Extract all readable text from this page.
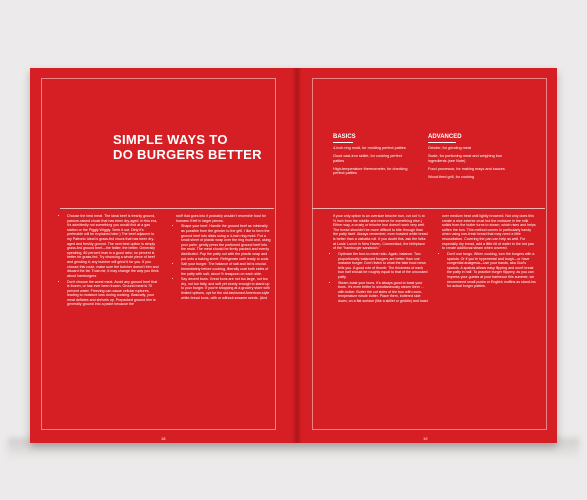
SIMPLE WAYS TO
DO BURGERS BETTER
BASICS
4-inch ring mold, for molding perfect patties
Good cast-iron skillet, for cooking perfect patties
High-temperature thermometer, for checking perfect patties
ADVANCED
Grinder, for grinding meat
Scale, for portioning meat and weighing bun ingredients (see Note)
Food processor, for making mayo and sauces
Wood-fired grill, for cooking
• Choose the best meat. The ideal beef is freshly ground, pasture-raised chuck that has been dry-aged. In this era, it's admittedly not something you would find at a gas station or the Piggly Wiggly. Seek it out. Dirty it's preferable will be explained later.) The beef adjacent to my Patronic ideal is grass-fed chuck that has been dry-aged and freshly ground. The next best option is simply grass-fed ground beef—the fattier, the better. Generally speaking, 80 percent lean is a good ratio; no percent is better for grass-fed. Try choosing a whole piece of beef and grinding it; any butcher will grind it for you. If you choose this route, make sure the butcher doesn't trim and discard the fat. Trust me, it may change the way you think about hamburgers.
• Don't choose the worst meat. Avoid any ground beef that is frozen, or has ever been frozen. Ground meat is 70 percent water. Freezing can cause cellular ruptures, leading to moisture loss during cooking. Basically, your meat deflates and shrivels up. Prepacked ground trim is generally ground into a paste because the

stuff that goes into it probably wouldn't resemble food for humans if left in larger pieces.

• Shape your beef. Handle the ground beef as minimally as possible from the grinder to the grill. I like to form the ground beef into disks using a 4-inch ring mold. Put a small sheet of plastic wrap over the ring mold and, using your palm, gently press the portioned ground beef into the mold. The meat should be firmly packed and evenly distributed. Pop the patty out with the plastic wrap and put onto a baking sheet. Refrigerate until ready to cook.
• Salt your burger. The balance of salt and fat is crucial. Immediately before cooking, liberally coat both sides of the patty with salt, about ½ teaspoon on each side.
• Say decent buns. Great buns are not too large, not too dry, not too fatty, and soft yet sturdy enough to stand up to your burger. If you're shopping at a grocery store with limited options, opt for the old-fashioned American-style white-bread buns, with or without sesame seeds. (And

if your only option is an oversize brioche bun, cut out ¼ to ½ inch from the middle and reserve for something else.) Either way, a crusty or brioche bun doesn't work very well. The bread shouldn't be more difficult to bite through than the patty itself. Always remember, even toasted white bread is better than a ciabatta roll. If you doubt this, ask the folks at Louis' Lunch in New Haven, Connecticut, the birthplace of the "hamburger sandwich."

• Optimize the bun-to-meat ratio. Again, balance. Two proportionally balanced burgers are better than one massive burger. Don't listen to what the fake food news tells you. A good rule of thumb: The thickness of each bun half should be roughly equal to that of the uncooked patty.
• Steam-toast your buns. It's always good to toast your buns. It's even better to simultaneously steam them … with butter. Butter the cut sides of the bun with room-temperature whole butter. Place them, buttered side down, on a flat surface (like a skillet or griddle) and toast

over medium heat until lightly browned. Not only does this create a nice exterior crust but the moisture in the milk solids from the butter turns to steam, which rises and helps soften the bun. This method comes in particularly handy when using non-fresh bread that may need a little resuscitation. Covering the pan can help as well. For especially dry bread, add a little bit of water to the hot pan to create additional steam when covered.

• Don't use tongs. When cooking, turn the burgers with a spatula. Or if you're hypermetal and tough—or have congenital analgesia—use your hands, aka God's spatula. A spatula allows easy flipping and won't break the patty in half. To practice burger flippery, as you can impress your guests at your barbecue this summer, we recommend small pucks or English muffins as stand-ins for actual burger patties.
18	19
